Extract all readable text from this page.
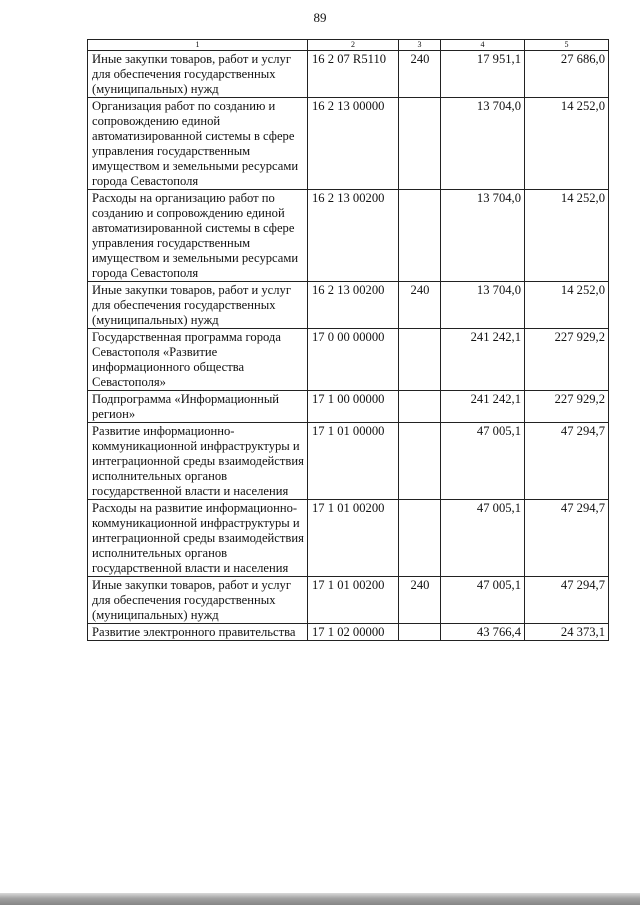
89
1	2	3	4	5
Иные закупки товаров, работ и услуг для обеспечения государственных (муниципальных) нужд	16 2 07 R5110	240	17 951,1	27 686,0
Организация работ по созданию и сопровождению единой автоматизированной системы в сфере управления государственным имуществом и земельными ресурсами города Севастополя	16 2 13 00000		13 704,0	14 252,0
Расходы на организацию работ по созданию и сопровождению единой автоматизированной системы в сфере управления государственным имуществом и земельными ресурсами города Севастополя	16 2 13 00200		13 704,0	14 252,0
Иные закупки товаров, работ и услуг для обеспечения государственных (муниципальных) нужд	16 2 13 00200	240	13 704,0	14 252,0
Государственная программа города Севастополя «Развитие информационного общества Севастополя»	17 0 00 00000		241 242,1	227 929,2
Подпрограмма «Информационный регион»	17 1 00 00000		241 242,1	227 929,2
Развитие информационно-коммуникационной инфраструктуры и интеграционной среды взаимодействия исполнительных органов государственной власти и населения	17 1 01 00000		47 005,1	47 294,7
Расходы на развитие информационно-коммуникационной инфраструктуры и интеграционной среды взаимодействия исполнительных органов государственной власти и населения	17 1 01 00200		47 005,1	47 294,7
Иные закупки товаров, работ и услуг для обеспечения государственных (муниципальных) нужд	17 1 01 00200	240	47 005,1	47 294,7
Развитие электронного правительства	17 1 02 00000		43 766,4	24 373,1
